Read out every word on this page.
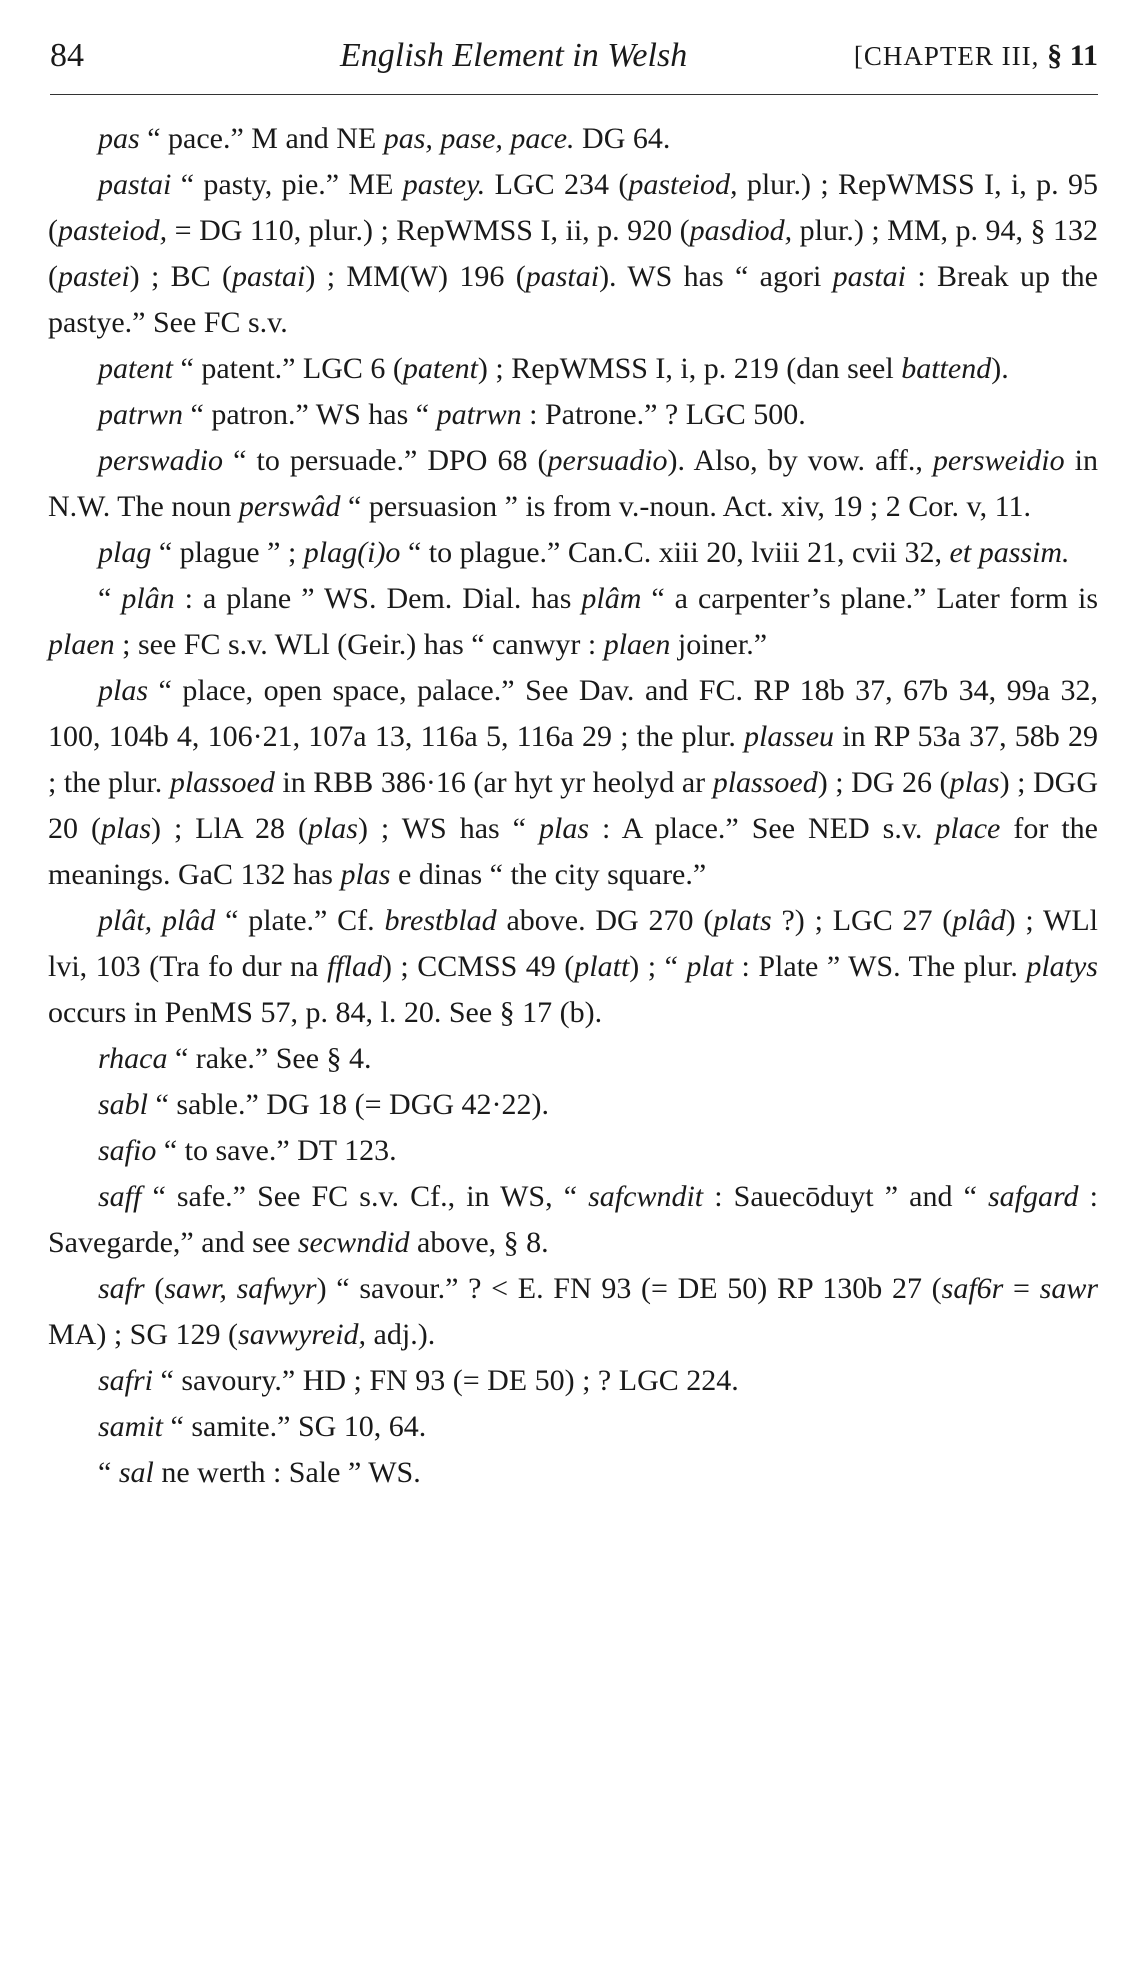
84	English Element in Welsh	[CHAPTER III, § 11

pas “ pace.” M and NE pas, pase, pace. DG 64.

pastai “ pasty, pie.” ME pastey. LGC 234 (pasteiod, plur.) ; RepWMSS I, i, p. 95 (pasteiod, = DG 110, plur.) ; RepWMSS I, ii, p. 920 (pasdiod, plur.) ; MM, p. 94, § 132 (pastei) ; BC (pastai) ; MM(W) 196 (pastai). WS has “ agori pastai : Break up the pastye.” See FC s.v.

patent “ patent.” LGC 6 (patent) ; RepWMSS I, i, p. 219 (dan seel battend).

patrwn “ patron.” WS has “ patrwn : Patrone.” ? LGC 500.

perswadio “ to persuade.” DPO 68 (persuadio). Also, by vow. aff., persweidio in N.W. The noun perswâd “ persuasion ” is from v.-noun. Act. xiv, 19 ; 2 Cor. v, 11.

plag “ plague ” ; plag(i)o “ to plague.” Can.C. xiii 20, lviii 21, cvii 32, et passim.

“ plân : a plane ” WS. Dem. Dial. has plâm “ a carpenter’s plane.” Later form is plaen ; see FC s.v. WLl (Geir.) has “ canwyr : plaen joiner.”

plas “ place, open space, palace.” See Dav. and FC. RP 18b 37, 67b 34, 99a 32, 100, 104b 4, 106·21, 107a 13, 116a 5, 116a 29 ; the plur. plasseu in RP 53a 37, 58b 29 ; the plur. plassoed in RBB 386·16 (ar hyt yr heolyd ar plassoed) ; DG 26 (plas) ; DGG 20 (plas) ; LlA 28 (plas) ; WS has “ plas : A place.” See NED s.v. place for the meanings. GaC 132 has plas e dinas “ the city square.”

plât, plâd “ plate.” Cf. brestblad above. DG 270 (plats ?) ; LGC 27 (plâd) ; WLl lvi, 103 (Tra fo dur na fflad) ; CCMSS 49 (platt) ; “ plat : Plate ” WS. The plur. platys occurs in PenMS 57, p. 84, l. 20. See § 17 (b).

rhaca “ rake.” See § 4.

sabl “ sable.” DG 18 (= DGG 42·22).

safio “ to save.” DT 123.

saff “ safe.” See FC s.v. Cf., in WS, “ safcwndit : Sauecōduyt ” and “ safgard : Savegarde,” and see secwndid above, § 8.

safr (sawr, safwyr) “ savour.” ? < E. FN 93 (= DE 50) RP 130b 27 (saf6r = sawr MA) ; SG 129 (savwyreid, adj.).

safri “ savoury.” HD ; FN 93 (= DE 50) ; ? LGC 224.

samit “ samite.” SG 10, 64.

“ sal ne werth : Sale ” WS.
